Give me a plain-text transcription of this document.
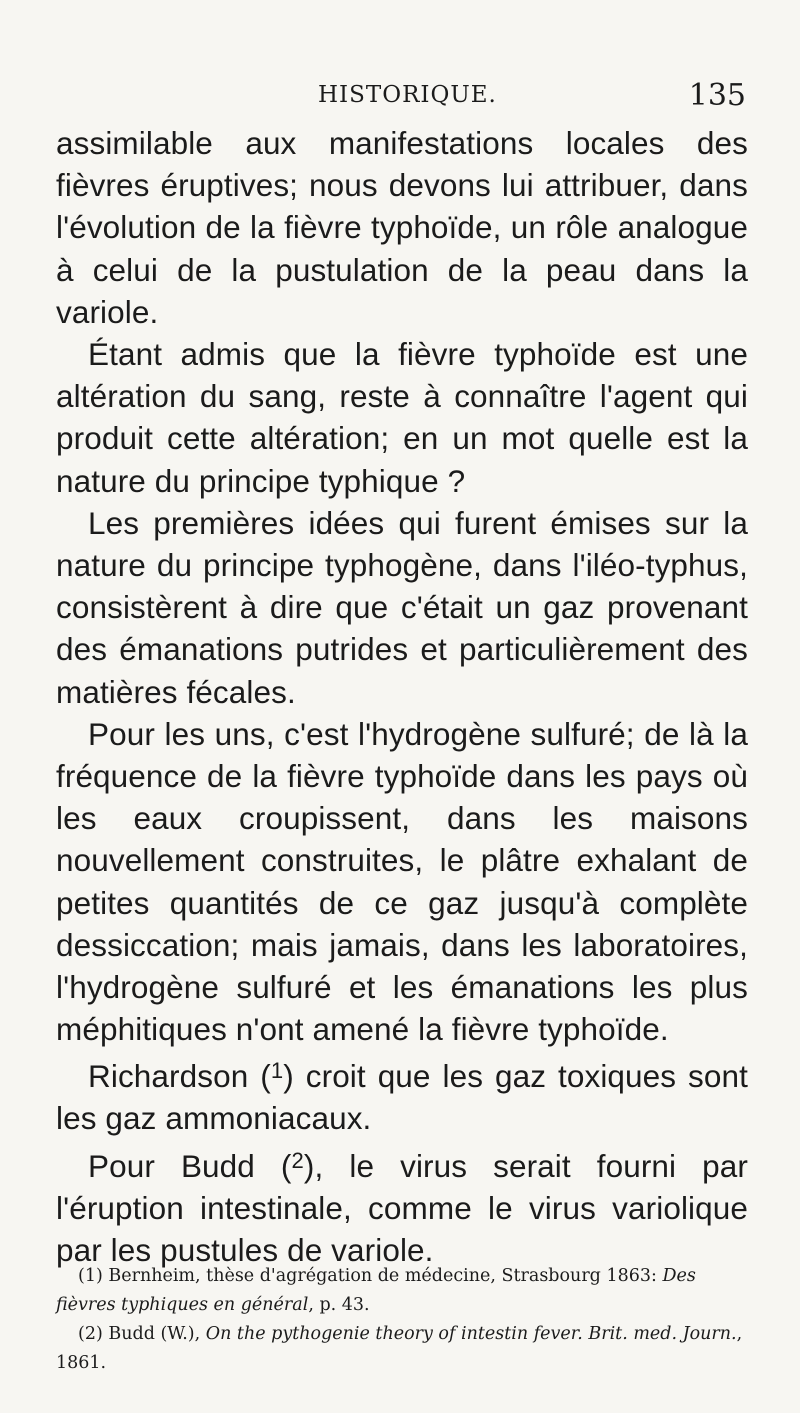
HISTORIQUE.	135

assimilable aux manifestations locales des fièvres éruptives; nous devons lui attribuer, dans l'évolution de la fièvre typhoïde, un rôle analogue à celui de la pustulation de la peau dans la variole.

Étant admis que la fièvre typhoïde est une altération du sang, reste à connaître l'agent qui produit cette altération; en un mot quelle est la nature du principe typhique ?

Les premières idées qui furent émises sur la nature du principe typhogène, dans l'iléo-typhus, consistèrent à dire que c'était un gaz provenant des émanations putrides et particulièrement des matières fécales.

Pour les uns, c'est l'hydrogène sulfuré; de là la fréquence de la fièvre typhoïde dans les pays où les eaux croupissent, dans les maisons nouvellement construites, le plâtre exhalant de petites quantités de ce gaz jusqu'à complète dessiccation; mais jamais, dans les laboratoires, l'hydrogène sulfuré et les émanations les plus méphitiques n'ont amené la fièvre typhoïde.

Richardson ($^1$) croit que les gaz toxiques sont les gaz ammoniacaux.

Pour Budd ($^2$), le virus serait fourni par l'éruption intestinale, comme le virus variolique par les pustules de variole.

(1) Bernheim, thèse d'agrégation de médecine, Strasbourg 1863: Des fièvres typhiques en général, p. 43.

(2) Budd (W.), On the pythogenie theory of intestin fever. Brit. med. Journ., 1861.
